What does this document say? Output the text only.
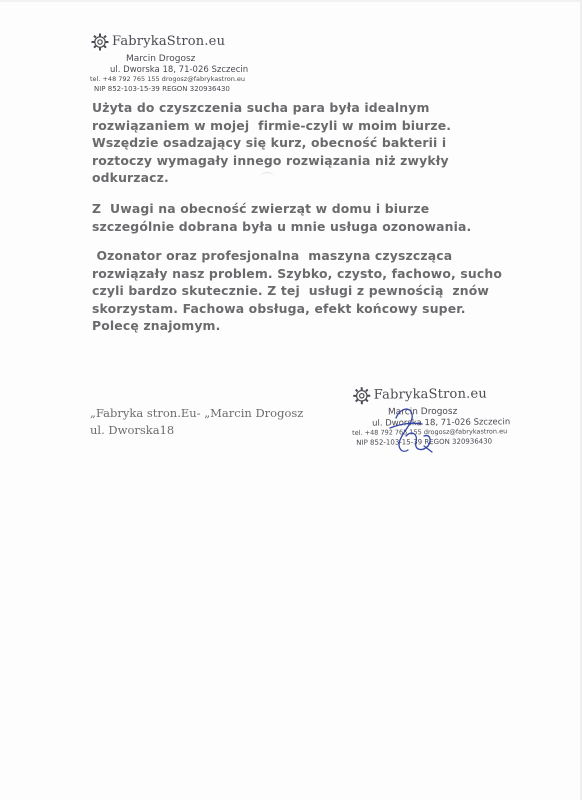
FabrykaStron.eu
Marcin Drogosz
ul. Dworska 18, 71-026 Szczecin
tel. +48 792 765 155 drogosz@fabrykastron.eu
NIP 852-103-15-39 REGON 320936430

Użyta do czyszczenia sucha para była idealnym
rozwiązaniem w mojej  firmie-czyli w moim biurze.
Wszędzie osadzający się kurz, obecność bakterii i
roztoczy wymagały innego rozwiązania niż zwykły
odkurzacz.

Z  Uwagi na obecność zwierząt w domu i biurze
szczególnie dobrana była u mnie usługa ozonowania.

Ozonator oraz profesjonalna  maszyna czyszcząca
rozwiązały nasz problem. Szybko, czysto, fachowo, sucho
czyli bardzo skutecznie. Z tej  usługi z pewnością  znów
skorzystam. Fachowa obsługa, efekt końcowy super.
Polecę znajomym.

„Fabryka stron.Eu- „Marcin Drogosz
ul. Dworska18
FabrykaStron.eu
Marcin Drogosz
ul. Dworska 18, 71-026 Szczecin
tel. +48 792 765 155 drogosz@fabrykastron.eu
NIP 852-103-15-39 REGON 320936430
